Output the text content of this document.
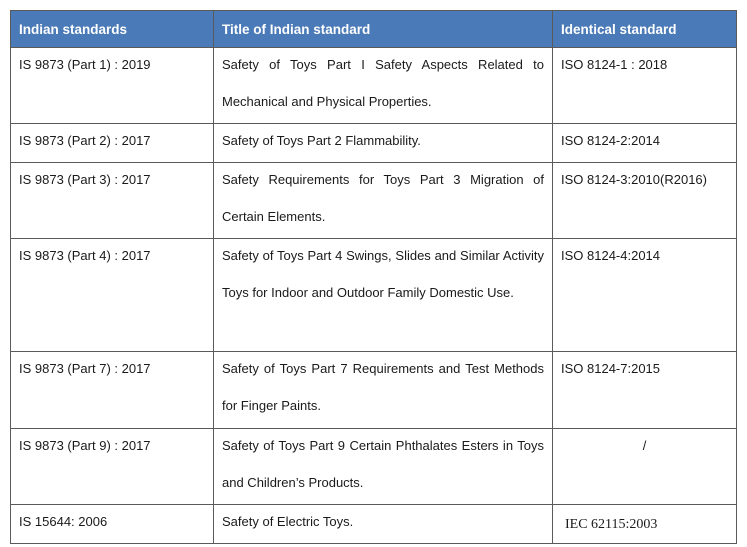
Indian standards	Title of Indian standard	Identical standard

IS 9873 (Part 1) : 2019	Safety of Toys Part I Safety Aspects Related to Mechanical and Physical Properties.	ISO 8124-1 : 2018

IS 9873 (Part 2) : 2017	Safety of Toys Part 2 Flammability.	ISO 8124-2:2014

IS 9873 (Part 3) : 2017	Safety Requirements for Toys Part 3 Migration of Certain Elements.	ISO 8124-3:2010(R2016)

IS 9873 (Part 4) : 2017	Safety of Toys Part 4 Swings, Slides and Similar Activity Toys for Indoor and Outdoor Family Domestic Use.	ISO 8124-4:2014

IS 9873 (Part 7) : 2017	Safety of Toys Part 7 Requirements and Test Methods for Finger Paints.	ISO 8124-7:2015

IS 9873 (Part 9) : 2017	Safety of Toys Part 9 Certain Phthalates Esters in Toys and Children’s Products.	/

IS 15644: 2006	Safety of Electric Toys.	IEC 62115:2003
